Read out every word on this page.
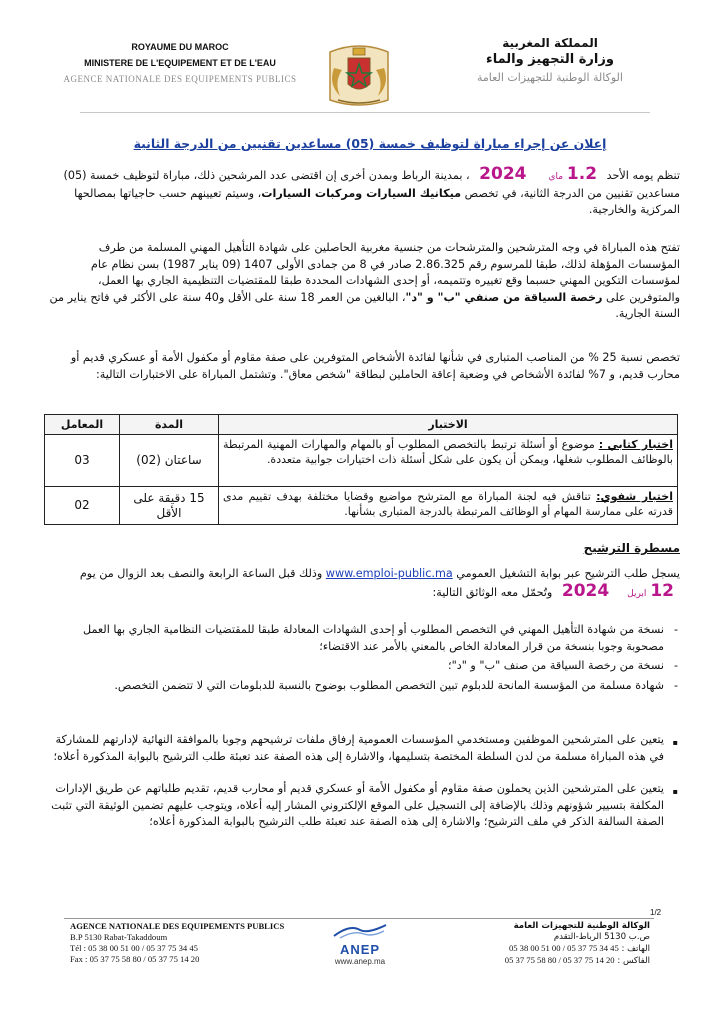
ROYAUME DU MAROC
MINISTERE DE L'EQUIPEMENT ET DE L'EAU
AGENCE NATIONALE DES EQUIPEMENTS PUBLICS
المملكة المغربية
وزارة التجهيز والماء
الوكالة الوطنية للتجهيزات العامة
إعلان عن إجراء مباراة لتوظيف خمسة (05) مساعدين تقنيين من الدرجة الثانية
تنظم يومه الأحد 1.2 ماي 2024 ، بمدينة الرباط وبمدن أخرى إن اقتضى عدد المرشحين ذلك، مباراة لتوظيف خمسة (05) مساعدين تقنيين من الدرجة الثانية، في تخصص ميكانيك السيارات ومركبات السيارات، وسيتم تعيينهم حسب حاجياتها بمصالحها المركزية والخارجية.
تفتح هذه المباراة في وجه المترشحين والمترشحات من جنسية مغربية الحاصلين على شهادة التأهيل المهني المسلمة من طرف المؤسسات المؤهلة لذلك، طبقا للمرسوم رقم 2.86.325 صادر في 8 من جمادى الأولى 1407 (09 يناير 1987) بسن نظام عام لمؤسسات التكوين المهني حسبما وقع تغييره وتتميمه، أو إحدى الشهادات المحددة طبقا للمقتضيات التنظيمية الجاري بها العمل، والمتوفرين على رخصة السياقة من صنفي "ب" و "د"، البالغين من العمر 18 سنة على الأقل و40 سنة على الأكثر في فاتح يناير من السنة الجارية.
تخصص نسبة 25 % من المناصب المتبارى في شأنها لفائدة الأشخاص المتوفرين على صفة مقاوم أو مكفول الأمة أو عسكري قديم أو محارب قديم، و 7% لفائدة الأشخاص في وضعية إعاقة الحاملين لبطاقة "شخص معاق". وتشتمل المباراة على الاختبارات التالية:
الاختبار	المدة	المعامل
اختبار كتابي : موضوع أو أسئلة ترتبط بالتخصص المطلوب أو بالمهام والمهارات المهنية المرتبطة بالوظائف المطلوب شغلها، ويمكن أن يكون على شكل أسئلة ذات اختيارات جوابية متعددة.	ساعتان (02)	03
اختبار شفوي: تناقش فيه لجنة المباراة مع المترشح مواضيع وقضايا مختلفة بهدف تقييم مدى قدرته على ممارسة المهام أو الوظائف المرتبطة بالدرجة المتبارى بشأنها.	15 دقيقة على الأقل	02
مسطرة الترشيح
يسجل طلب الترشيح عبر بوابة التشغيل العمومي www.emploi-public.ma وذلك قبل الساعة الرابعة والنصف بعد الزوال من يوم 12 ابريل 2024 وتُحمّل معه الوثائق التالية:
-
نسخة من شهادة التأهيل المهني في التخصص المطلوب أو إحدى الشهادات المعادلة طبقا للمقتضيات النظامية الجاري بها العمل مصحوبة وجوبا بنسخة من قرار المعادلة الخاص بالمعني بالأمر عند الاقتضاء؛
-
نسخة من رخصة السياقة من صنف "ب" و "د"؛
-
شهادة مسلمة من المؤسسة المانحة للدبلوم تبين التخصص المطلوب بوضوح بالنسبة للدبلومات التي لا تتضمن التخصص.
▪
يتعين على المترشحين الموظفين ومستخدمي المؤسسات العمومية إرفاق ملفات ترشيحهم وجوبا بالموافقة النهائية لإدارتهم للمشاركة في هذه المباراة مسلمة من لدن السلطة المختصة بتسليمها، والاشارة إلى هذه الصفة عند تعبئة طلب الترشيح بالبوابة المذكورة أعلاه؛
▪
يتعين على المترشحين الذين يحملون صفة مقاوم أو مكفول الأمة أو عسكري قديم أو محارب قديم، تقديم طلباتهم عن طريق الإدارات المكلفة بتسيير شؤونهم وذلك بالإضافة إلى التسجيل على الموقع الإلكتروني المشار إليه أعلاه، ويتوجب عليهم تضمين الوثيقة التي تثبت الصفة السالفة الذكر في ملف الترشيح؛ والاشارة إلى هذه الصفة عند تعبئة طلب الترشيح بالبوابة المذكورة أعلاه؛
1/2
AGENCE NATIONALE DES EQUIPEMENTS PUBLICS
B.P 5130 Rabat-Takaddoum
Tél : 05 38 00 51 00 / 05 37 75 34 45
Fax : 05 37 75 58 80 / 05 37 75 14 20
ANEP
www.anep.ma
الوكالة الوطنية للتجهيزات العامة
ص.ب 5130 الرباط-التقدم
الهاتف : 05 38 00 51 00 / 05 37 75 34 45
الفاكس : 05 37 75 58 80 / 05 37 75 14 20
